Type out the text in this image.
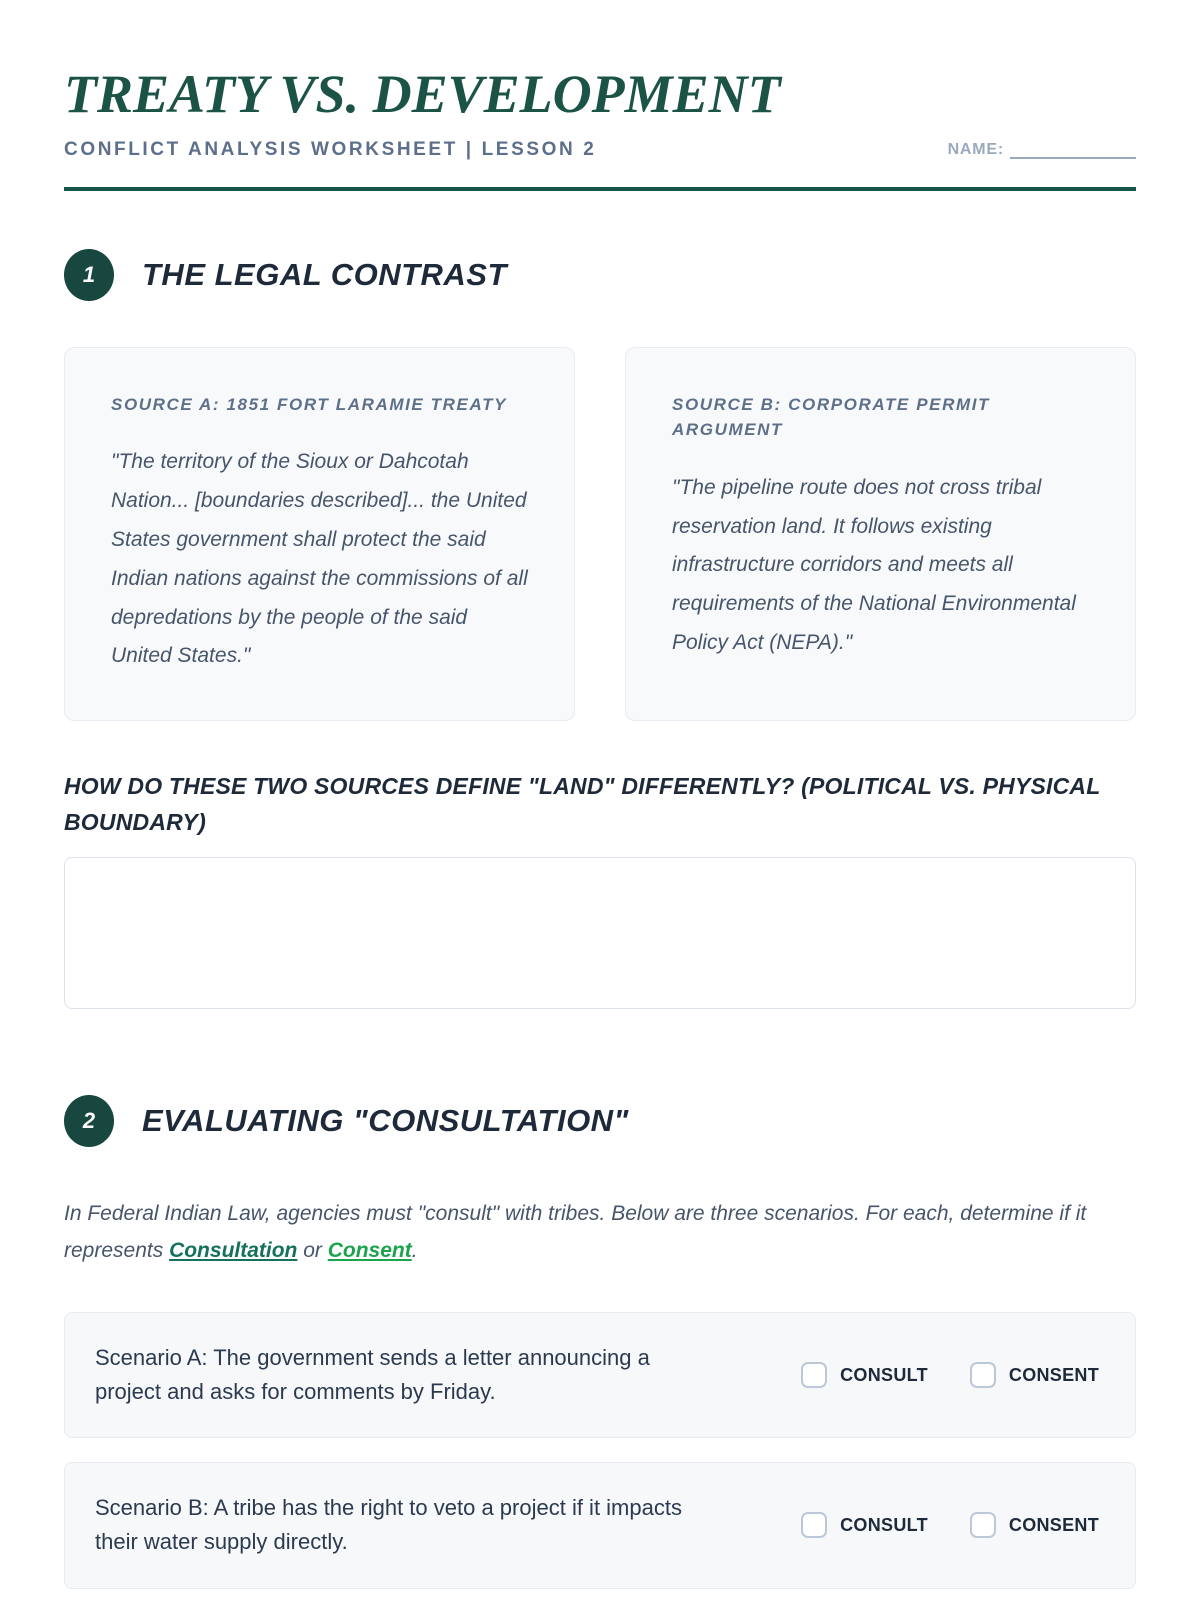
TREATY VS. DEVELOPMENT
CONFLICT ANALYSIS WORKSHEET | LESSON 2	NAME:
1	THE LEGAL CONTRAST
SOURCE A: 1851 FORT LARAMIE TREATY
"The territory of the Sioux or Dahcotah Nation... [boundaries described]... the United States government shall protect the said Indian nations against the commissions of all depredations by the people of the said United States."
SOURCE B: CORPORATE PERMIT ARGUMENT
"The pipeline route does not cross tribal reservation land. It follows existing infrastructure corridors and meets all requirements of the National Environmental Policy Act (NEPA)."
HOW DO THESE TWO SOURCES DEFINE "LAND" DIFFERENTLY? (POLITICAL VS. PHYSICAL BOUNDARY)
2	EVALUATING "CONSULTATION"
In Federal Indian Law, agencies must "consult" with tribes. Below are three scenarios. For each, determine if it represents Consultation or Consent.
Scenario A: The government sends a letter announcing a project and asks for comments by Friday.
CONSULT	CONSENT
Scenario B: A tribe has the right to veto a project if it impacts their water supply directly.
CONSULT	CONSENT
